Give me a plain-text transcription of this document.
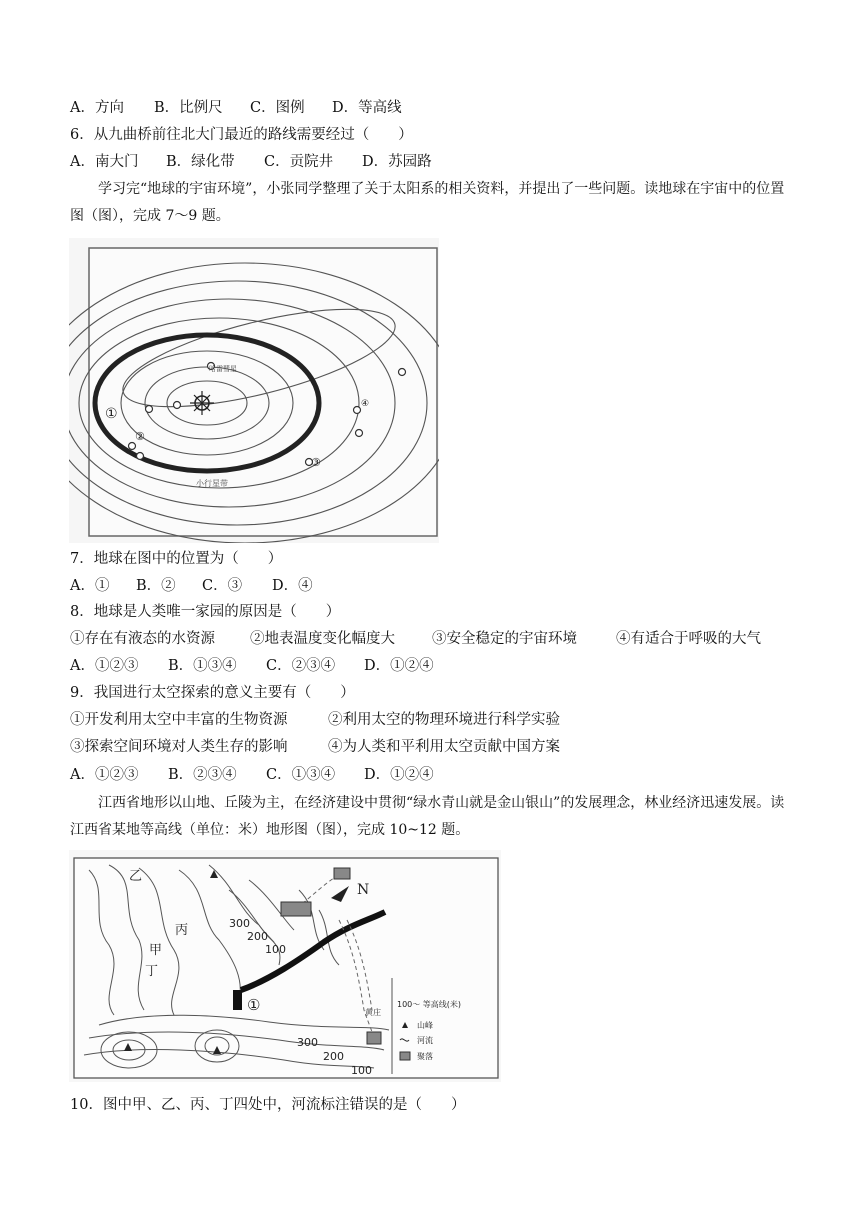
A．方向 B．比例尺 C．图例 D．等高线
6．从九曲桥前往北大门最近的路线需要经过（　　）
A．南大门 B．绿化带 C．贡院井 D．苏园路
学习完“地球的宇宙环境”，小张同学整理了关于太阳系的相关资料，并提出了一些问题。读地球在宇宙中的位置图（图），完成 7～9 题。
哈雷彗星
小行星带
②
①
③
④
7．地球在图中的位置为（　　）
A．① B．② C．③ D．④
8．地球是人类唯一家园的原因是（　　）
①存在有液态的水资源 ②地表温度变化幅度大	③安全稳定的宇宙环境	④有适合于呼吸的大气
A．①②③ B．①③④ C．②③④ D．①②④
9．我国进行太空探索的意义主要有（　　）
①开发利用太空中丰富的生物资源	②利用太空的物理环境进行科学实验
③探索空间环境对人类生存的影响	④为人类和平利用太空贡献中国方案
A．①②③ B．②③④ C．①③④ D．①②④
江西省地形以山地、丘陵为主，在经济建设中贯彻“绿水青山就是金山银山”的发展理念，林业经济迅速发展。读江西省某地等高线（单位：米）地形图（图），完成 10~12 题。
N
乙
丙
甲
丁
①	黄庄
300
200
100
300
200
100
100～ 等高线(米)
山峰
河流
聚落
10．图中甲、乙、丙、丁四处中，河流标注错误的是（　　）
